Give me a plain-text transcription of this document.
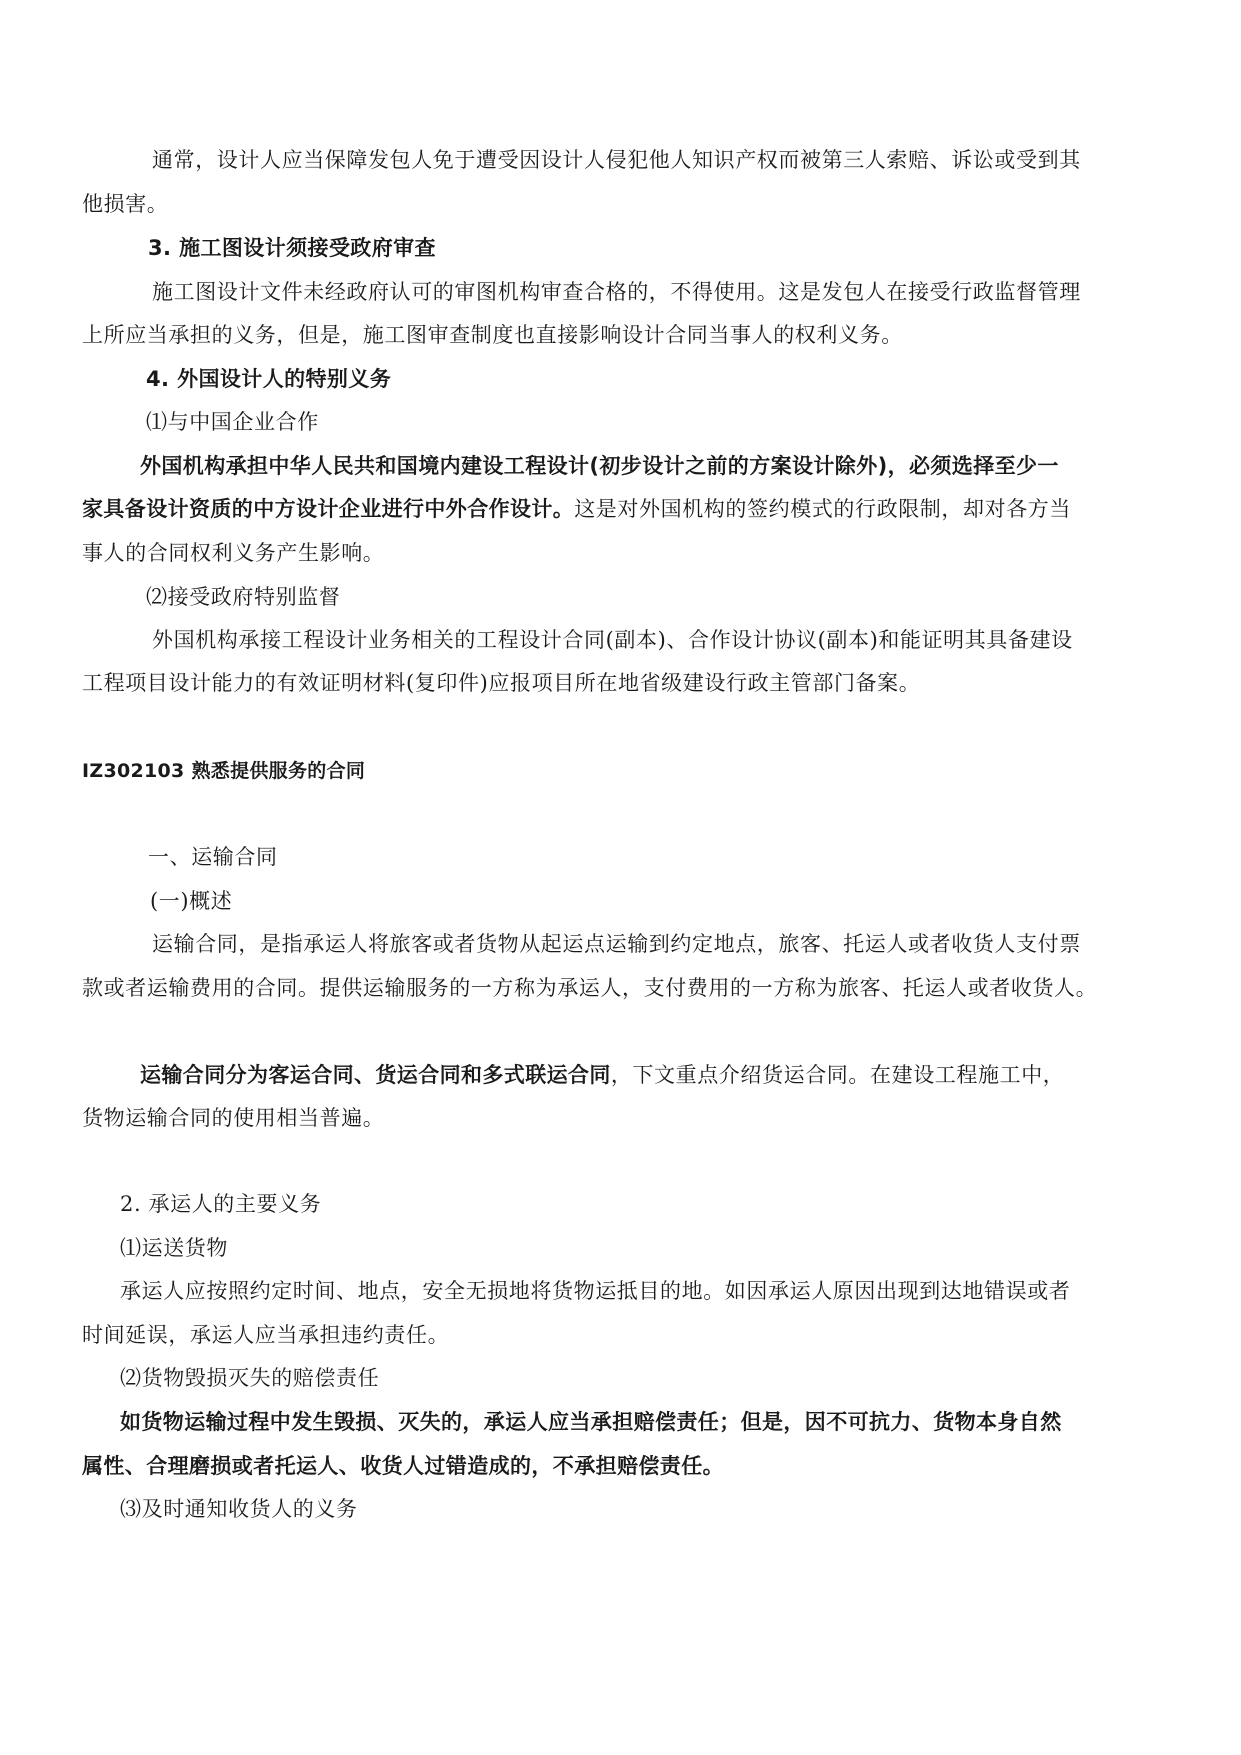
通常，设计人应当保障发包人免于遭受因设计人侵犯他人知识产权而被第三人索赔、诉讼或受到其
他损害。
3. 施工图设计须接受政府审查
施工图设计文件未经政府认可的审图机构审查合格的，不得使用。这是发包人在接受行政监督管理
上所应当承担的义务，但是，施工图审查制度也直接影响设计合同当事人的权利义务。
4. 外国设计人的特别义务
⑴与中国企业合作
外国机构承担中华人民共和国境内建设工程设计(初步设计之前的方案设计除外)，必须选择至少一
家具备设计资质的中方设计企业进行中外合作设计。这是对外国机构的签约模式的行政限制，却对各方当
事人的合同权利义务产生影响。
⑵接受政府特别监督
外国机构承接工程设计业务相关的工程设计合同(副本)、合作设计协议(副本)和能证明其具备建设
工程项目设计能力的有效证明材料(复印件)应报项目所在地省级建设行政主管部门备案。
IZ302103 熟悉提供服务的合同
一、运输合同
(一)概述
运输合同，是指承运人将旅客或者货物从起运点运输到约定地点，旅客、托运人或者收货人支付票
款或者运输费用的合同。提供运输服务的一方称为承运人，支付费用的一方称为旅客、托运人或者收货人。
运输合同分为客运合同、货运合同和多式联运合同，下文重点介绍货运合同。在建设工程施工中，
货物运输合同的使用相当普遍。
2. 承运人的主要义务
⑴运送货物
承运人应按照约定时间、地点，安全无损地将货物运抵目的地。如因承运人原因出现到达地错误或者
时间延误，承运人应当承担违约责任。
⑵货物毁损灭失的赔偿责任
如货物运输过程中发生毁损、灭失的，承运人应当承担赔偿责任；但是，因不可抗力、货物本身自然
属性、合理磨损或者托运人、收货人过错造成的，不承担赔偿责任。
⑶及时通知收货人的义务
